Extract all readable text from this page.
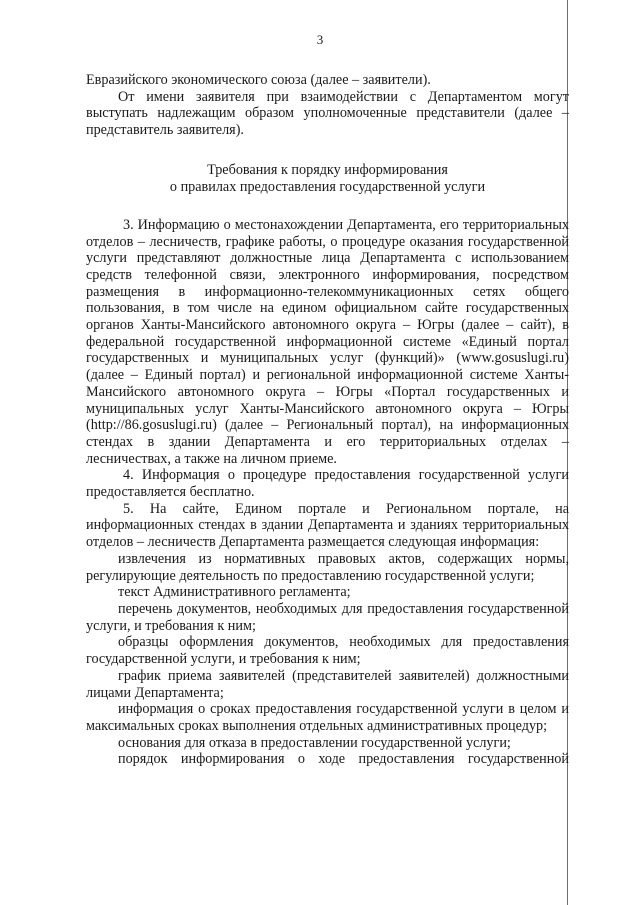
3

Евразийского экономического союза (далее – заявители).

От имени заявителя при взаимодействии с Департаментом могут выступать надлежащим образом уполномоченные представители (далее – представитель заявителя).

Требования к порядку информирования
о правилах предоставления государственной услуги

3. Информацию о местонахождении Департамента, его территориальных отделов – лесничеств, графике работы, о процедуре оказания государственной услуги представляют должностные лица Департамента с использованием средств телефонной связи, электронного информирования, посредством размещения в информационно-телекоммуникационных сетях общего пользования, в том числе на едином официальном сайте государственных органов Ханты-Мансийского автономного округа – Югры (далее – сайт), в федеральной государственной информационной системе «Единый портал государственных и муниципальных услуг (функций)» (www.gosuslugi.ru) (далее – Единый портал) и региональной информационной системе Ханты-Мансийского автономного округа – Югры «Портал государственных и муниципальных услуг Ханты-Мансийского автономного округа – Югры (http://86.gosuslugi.ru) (далее – Региональный портал), на информационных стендах в здании Департамента и его территориальных отделах – лесничествах, а также на личном приеме.

4. Информация о процедуре предоставления государственной услуги предоставляется бесплатно.

5. На сайте, Едином портале и Региональном портале, на информационных стендах в здании Департамента и зданиях территориальных отделов – лесничеств Департамента размещается следующая информация:

извлечения из нормативных правовых актов, содержащих нормы, регулирующие деятельность по предоставлению государственной услуги;

текст Административного регламента;

перечень документов, необходимых для предоставления государственной услуги, и требования к ним;

образцы оформления документов, необходимых для предоставления государственной услуги, и требования к ним;

график приема заявителей (представителей заявителей) должностными лицами Департамента;

информация о сроках предоставления государственной услуги в целом и максимальных сроках выполнения отдельных административных процедур;

основания для отказа в предоставлении государственной услуги;

порядок информирования о ходе предоставления государственной
